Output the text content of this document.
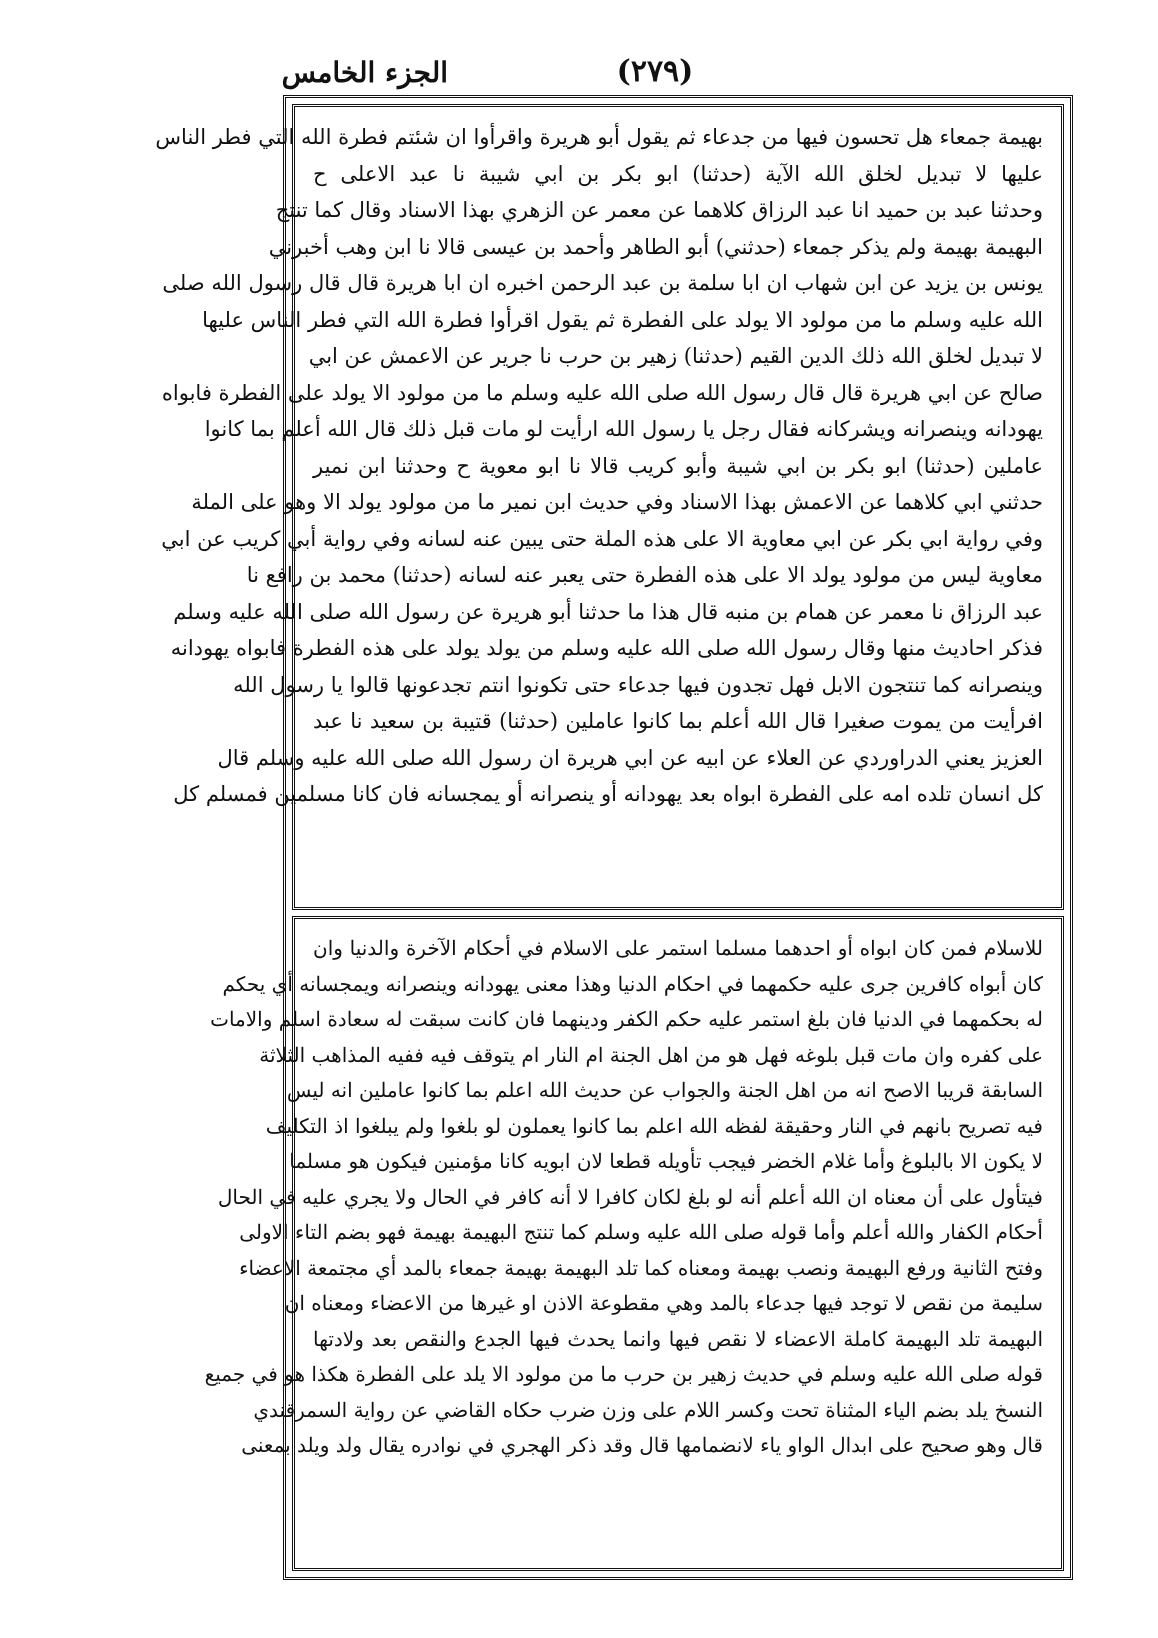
الجزء الخامس	(٢٧٩)
بهيمة جمعاء هل تحسون فيها من جدعاء ثم يقول أبو هريرة واقرأوا ان شئتم فطرة الله التي فطر الناس
عليها لا تبديل لخلق الله الآية (حدثنا) ابو بكر بن ابي شيبة نا عبد الاعلى ح
وحدثنا عبد بن حميد انا عبد الرزاق كلاهما عن معمر عن الزهري بهذا الاسناد وقال كما تنتج
البهيمة بهيمة ولم يذكر جمعاء (حدثني) أبو الطاهر وأحمد بن عيسى قالا نا ابن وهب أخبرني
يونس بن يزيد عن ابن شهاب ان ابا سلمة بن عبد الرحمن اخبره ان ابا هريرة قال قال رسول الله صلى
الله عليه وسلم ما من مولود الا يولد على الفطرة ثم يقول اقرأوا فطرة الله التي فطر الناس عليها
لا تبديل لخلق الله ذلك الدين القيم (حدثنا) زهير بن حرب نا جرير عن الاعمش عن ابي
صالح عن ابي هريرة قال قال رسول الله صلى الله عليه وسلم ما من مولود الا يولد على الفطرة فابواه
يهودانه وينصرانه ويشركانه فقال رجل يا رسول الله ارأيت لو مات قبل ذلك قال الله أعلم بما كانوا
عاملين (حدثنا) ابو بكر بن ابي شيبة وأبو كريب قالا نا ابو معوية ح وحدثنا ابن نمير
حدثني ابي كلاهما عن الاعمش بهذا الاسناد وفي حديث ابن نمير ما من مولود يولد الا وهو على الملة
وفي رواية ابي بكر عن ابي معاوية الا على هذه الملة حتى يبين عنه لسانه وفي رواية أبي كريب عن ابي
معاوية ليس من مولود يولد الا على هذه الفطرة حتى يعبر عنه لسانه (حدثنا) محمد بن رافع نا
عبد الرزاق نا معمر عن همام بن منبه قال هذا ما حدثنا أبو هريرة عن رسول الله صلى الله عليه وسلم
فذكر احاديث منها وقال رسول الله صلى الله عليه وسلم من يولد يولد على هذه الفطرة فابواه يهودانه
وينصرانه كما تنتجون الابل فهل تجدون فيها جدعاء حتى تكونوا انتم تجدعونها قالوا يا رسول الله
افرأيت من يموت صغيرا قال الله أعلم بما كانوا عاملين (حدثنا) قتيبة بن سعيد نا عبد
العزيز يعني الدراوردي عن العلاء عن ابيه عن ابي هريرة ان رسول الله صلى الله عليه وسلم قال
كل انسان تلده امه على الفطرة ابواه بعد يهودانه أو ينصرانه أو يمجسانه فان كانا مسلمين فمسلم كل
للاسلام فمن كان ابواه أو احدهما مسلما استمر على الاسلام في أحكام الآخرة والدنيا وان
كان أبواه كافرين جرى عليه حكمهما في احكام الدنيا وهذا معنى يهودانه وينصرانه ويمجسانه أي يحكم
له بحكمهما في الدنيا فان بلغ استمر عليه حكم الكفر ودينهما فان كانت سبقت له سعادة اسلم والامات
على كفره وان مات قبل بلوغه فهل هو من اهل الجنة ام النار ام يتوقف فيه ففيه المذاهب الثلاثة
السابقة قريبا الاصح انه من اهل الجنة والجواب عن حديث الله اعلم بما كانوا عاملين انه ليس
فيه تصريح بانهم في النار وحقيقة لفظه الله اعلم بما كانوا يعملون لو بلغوا ولم يبلغوا اذ التكليف
لا يكون الا بالبلوغ وأما غلام الخضر فيجب تأويله قطعا لان ابويه كانا مؤمنين فيكون هو مسلما
فيتأول على أن معناه ان الله أعلم أنه لو بلغ لكان كافرا لا أنه كافر في الحال ولا يجري عليه في الحال
أحكام الكفار والله أعلم وأما قوله صلى الله عليه وسلم كما تنتج البهيمة بهيمة فهو بضم التاء الاولى
وفتح الثانية ورفع البهيمة ونصب بهيمة ومعناه كما تلد البهيمة بهيمة جمعاء بالمد أي مجتمعة الاعضاء
سليمة من نقص لا توجد فيها جدعاء بالمد وهي مقطوعة الاذن او غيرها من الاعضاء ومعناه ان
البهيمة تلد البهيمة كاملة الاعضاء لا نقص فيها وانما يحدث فيها الجدع والنقص بعد ولادتها
قوله صلى الله عليه وسلم في حديث زهير بن حرب ما من مولود الا يلد على الفطرة هكذا هو في جميع
النسخ يلد بضم الياء المثناة تحت وكسر اللام على وزن ضرب حكاه القاضي عن رواية السمرقندي
قال وهو صحيح على ابدال الواو ياء لانضمامها قال وقد ذكر الهجري في نوادره يقال ولد ويلد بمعنى
